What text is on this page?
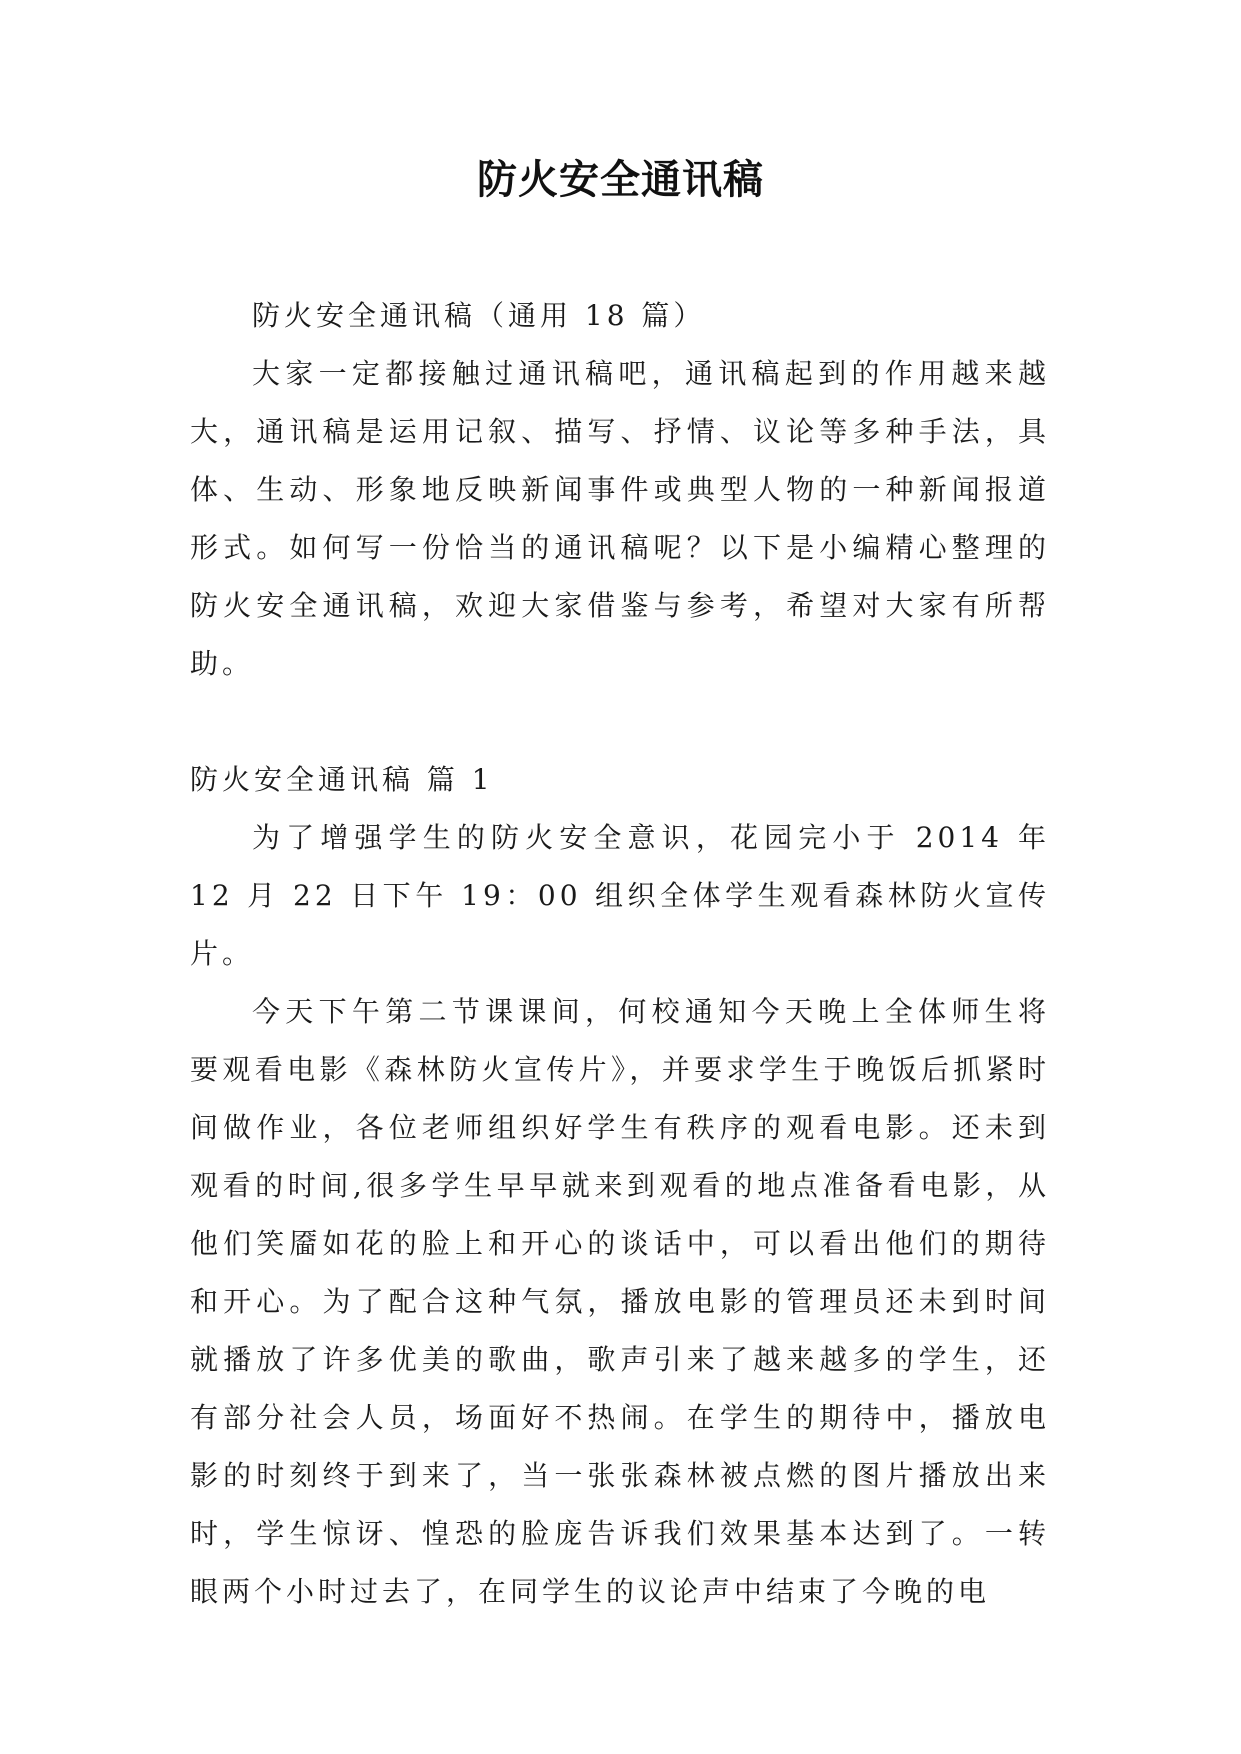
防火安全通讯稿

防火安全通讯稿（通用 18 篇）

大家一定都接触过通讯稿吧，通讯稿起到的作用越来越大，通讯稿是运用记叙、描写、抒情、议论等多种手法，具体、生动、形象地反映新闻事件或典型人物的一种新闻报道形式。如何写一份恰当的通讯稿呢？以下是小编精心整理的防火安全通讯稿，欢迎大家借鉴与参考，希望对大家有所帮助。

防火安全通讯稿 篇 1

为了增强学生的防火安全意识，花园完小于 2014 年 12 月 22 日下午 19：00 组织全体学生观看森林防火宣传片。

今天下午第二节课课间，何校通知今天晚上全体师生将要观看电影《森林防火宣传片》，并要求学生于晚饭后抓紧时间做作业，各位老师组织好学生有秩序的观看电影。还未到观看的时间,很多学生早早就来到观看的地点准备看电影，从他们笑靥如花的脸上和开心的谈话中，可以看出他们的期待和开心。为了配合这种气氛，播放电影的管理员还未到时间就播放了许多优美的歌曲，歌声引来了越来越多的学生，还有部分社会人员，场面好不热闹。在学生的期待中，播放电影的时刻终于到来了，当一张张森林被点燃的图片播放出来时，学生惊讶、惶恐的脸庞告诉我们效果基本达到了。一转眼两个小时过去了，在同学生的议论声中结束了今晚的电
